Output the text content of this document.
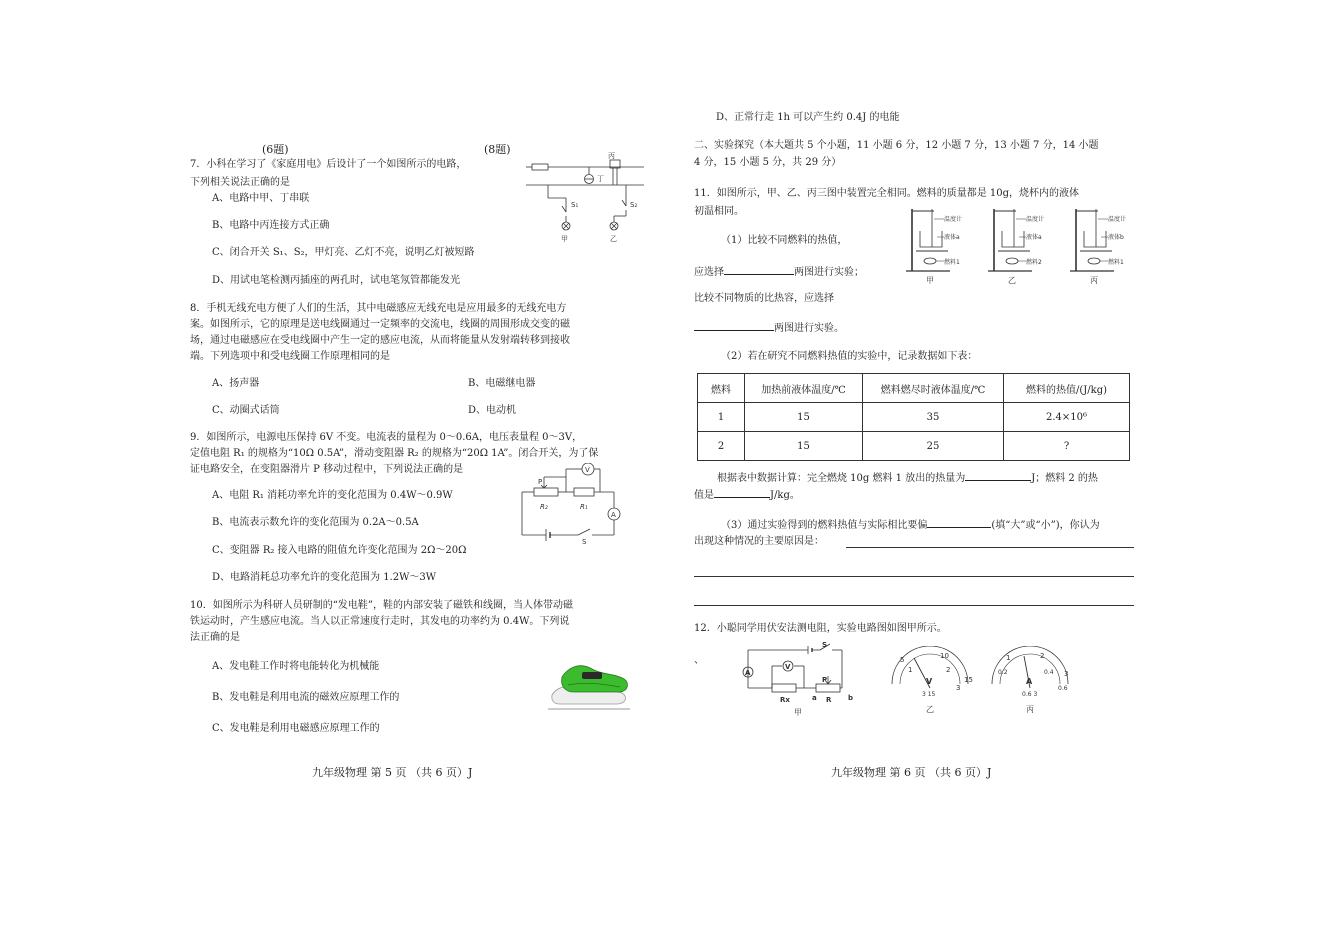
(6题)	(8题)
7．小科在学习了《家庭用电》后设计了一个如图所示的电路，
下列相关说法正确的是
A、电路中甲、丁串联
B、电路中丙连接方式正确
C、闭合开关 S₁、S₂，甲灯亮、乙灯不亮，说明乙灯被短路
D、用试电笔检测丙插座的两孔时，试电笔氖管都能发光
丙
丁
S₁
甲
S₂
乙
8．手机无线充电方便了人们的生活，其中电磁感应无线充电是应用最多的无线充电方
案。如图所示，它的原理是送电线圈通过一定频率的交流电，线圈的周围形成交变的磁
场，通过电磁感应在受电线圈中产生一定的感应电流，从而将能量从发射端转移到接收
端。下列选项中和受电线圈工作原理相同的是
A、扬声器	B、电磁继电器
C、动圈式话筒	D、电动机
9．如图所示，电源电压保持 6V 不变。电流表的量程为 0～0.6A，电压表量程 0～3V，
定值电阻 R₁ 的规格为“10Ω 0.5A”，滑动变阻器 R₂ 的规格为“20Ω 1A”。闭合开关，为了保
证电路安全，在变阻器滑片 P 移动过程中，下列说法正确的是
A、电阻 R₁ 消耗功率允许的变化范围为 0.4W～0.9W
B、电流表示数允许的变化范围为 0.2A～0.5A
C、变阻器 R₂ 接入电路的阻值允许变化范围为 2Ω～20Ω
D、电路消耗总功率允许的变化范围为 1.2W～3W
P
V
R₂	R₁
A
S
10．如图所示为科研人员研制的“发电鞋”，鞋的内部安装了磁铁和线圈，当人体带动磁
铁运动时，产生感应电流。当人以正常速度行走时，其发电的功率约为 0.4W。下列说
法正确的是
A、发电鞋工作时将电能转化为机械能
B、发电鞋是利用电流的磁效应原理工作的
C、发电鞋是利用电磁感应原理工作的
九年级物理 第 5 页 （共 6 页）J
D、正常行走 1h 可以产生约 0.4J 的电能
二、实验探究（本大题共 5 个小题，11 小题 6 分，12 小题 7 分，13 小题 7 分，14 小题
4 分，15 小题 5 分，共 29 分）
11．如图所示，甲、乙、丙三图中装置完全相同。燃料的质量都是 10g，烧杯内的液体
初温相同。
（1）比较不同燃料的热值，
应选择	两图进行实验；
比较不同物质的比热容，应选择
两图进行实验。
温度计
液体a
燃料1
甲
温度计
液体a
燃料2
乙
温度计
液体b
燃料1
丙
（2）若在研究不同燃料热值的实验中，记录数据如下表：
燃料	加热前液体温度/℃	燃料燃尽时液体温度/℃	燃料的热值/(J/kg)
1	15	35	2.4×10⁶
2	15	25	?
根据表中数据计算：完全燃烧 10g 燃料 1 放出的热量为	J；燃料 2 的热
值是	J/kg。
（3）通过实验得到的燃料热值与实际相比要偏	(填“大”或“小”)，你认为
出现这种情况的主要原因是：
12．小聪同学用伏安法测电阻，实验电路图如图甲所示。
、
S
A
V
Rx	a
P
R b
甲
5	10
1	2
15
3
V
3 15
乙
1	2
0.2	0.4 3
0.6
A
0.6 3
丙
九年级物理 第 6 页 （共 6 页）J
